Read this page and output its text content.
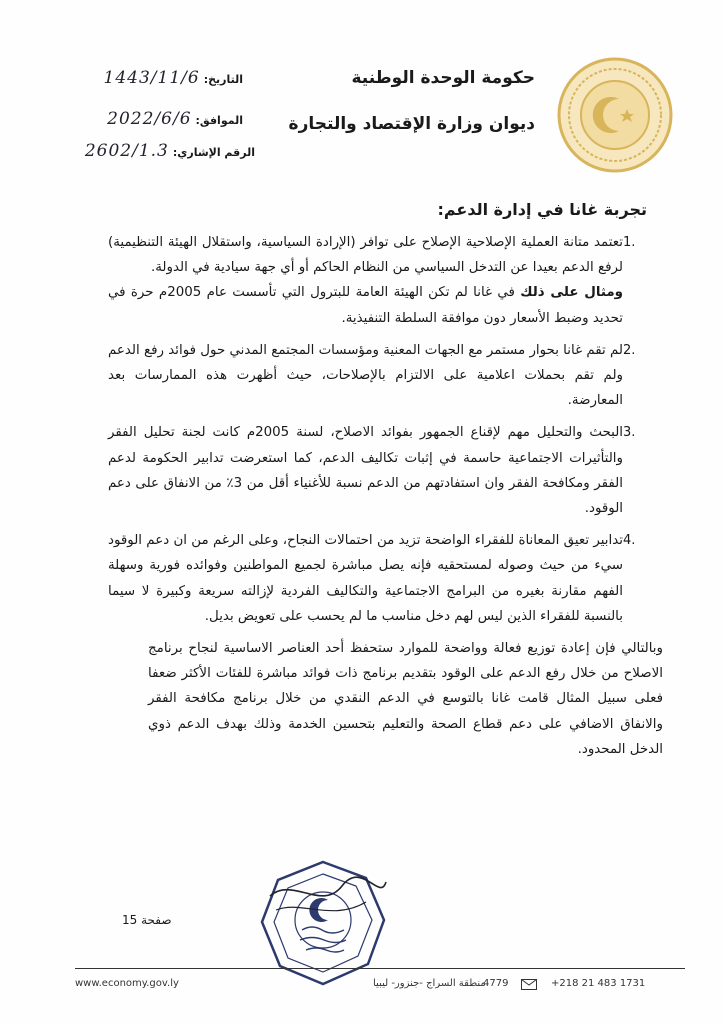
حكومة الوحدة الوطنية
ديوان وزارة الإقتصاد والتجارة
التاريخ:
1443/11/6
الموافق:
2022/6/6
الرقم الإشاري:
2602/1.3
تجربة غانا في إدارة الدعم:
1.

تعتمد متانة العملية الإصلاحية الإصلاح على توافر (الإرادة السياسية، واستقلال الهيئة التنظيمية) لرفع الدعم بعيدا عن التدخل السياسي من النظام الحاكم أو أي جهة سيادية في الدولة.

ومثال على ذلك في غانا لم تكن الهيئة العامة للبترول التي تأسست عام 2005م حرة في تحديد وضبط الأسعار دون موافقة السلطة التنفيذية.

2.

لم تقم غانا بحوار مستمر مع الجهات المعنية ومؤسسات المجتمع المدني حول فوائد رفع الدعم ولم تقم بحملات اعلامية على الالتزام بالإصلاحات، حيث أظهرت هذه الممارسات بعد المعارضة.

3.

البحث والتحليل مهم لإقناع الجمهور بفوائد الاصلاح، لسنة 2005م كانت لجنة تحليل الفقر والتأثيرات الاجتماعية حاسمة في إثبات تكاليف الدعم، كما استعرضت تدابير الحكومة لدعم الفقر ومكافحة الفقر وان استفادتهم من الدعم نسبة للأغنياء أقل من 3٪ من الانفاق على دعم الوقود.

4.

تدابير تعيق المعاناة للفقراء الواضحة تزيد من احتمالات النجاح، وعلى الرغم من ان دعم الوقود سيء من حيث وصوله لمستحقيه فإنه يصل مباشرة لجميع المواطنين وفوائده فورية وسهلة الفهم مقارنة بغيره من البرامج الاجتماعية والتكاليف الفردية لإزالته سريعة وكبيرة لا سيما بالنسبة للفقراء الذين ليس لهم دخل مناسب ما لم يحسب على تعويض بديل.

وبالتالي فإن إعادة توزيع فعالة وواضحة للموارد ستحفظ أحد العناصر الاساسية لنجاح برنامج الاصلاح من خلال رفع الدعم على الوقود بتقديم برنامج ذات فوائد مباشرة للفئات الأكثر ضعفا فعلى سبيل المثال قامت غانا بالتوسع في الدعم النقدي من خلال برنامج مكافحة الفقر والانفاق الاضافي على دعم قطاع الصحة والتعليم بتحسين الخدمة وذلك بهدف الدعم ذوي الدخل المحدود.

صفحة 15
www.economy.gov.ly	منطقة السراج -جنزور- ليبيا
4779	+218 21 483 1731
